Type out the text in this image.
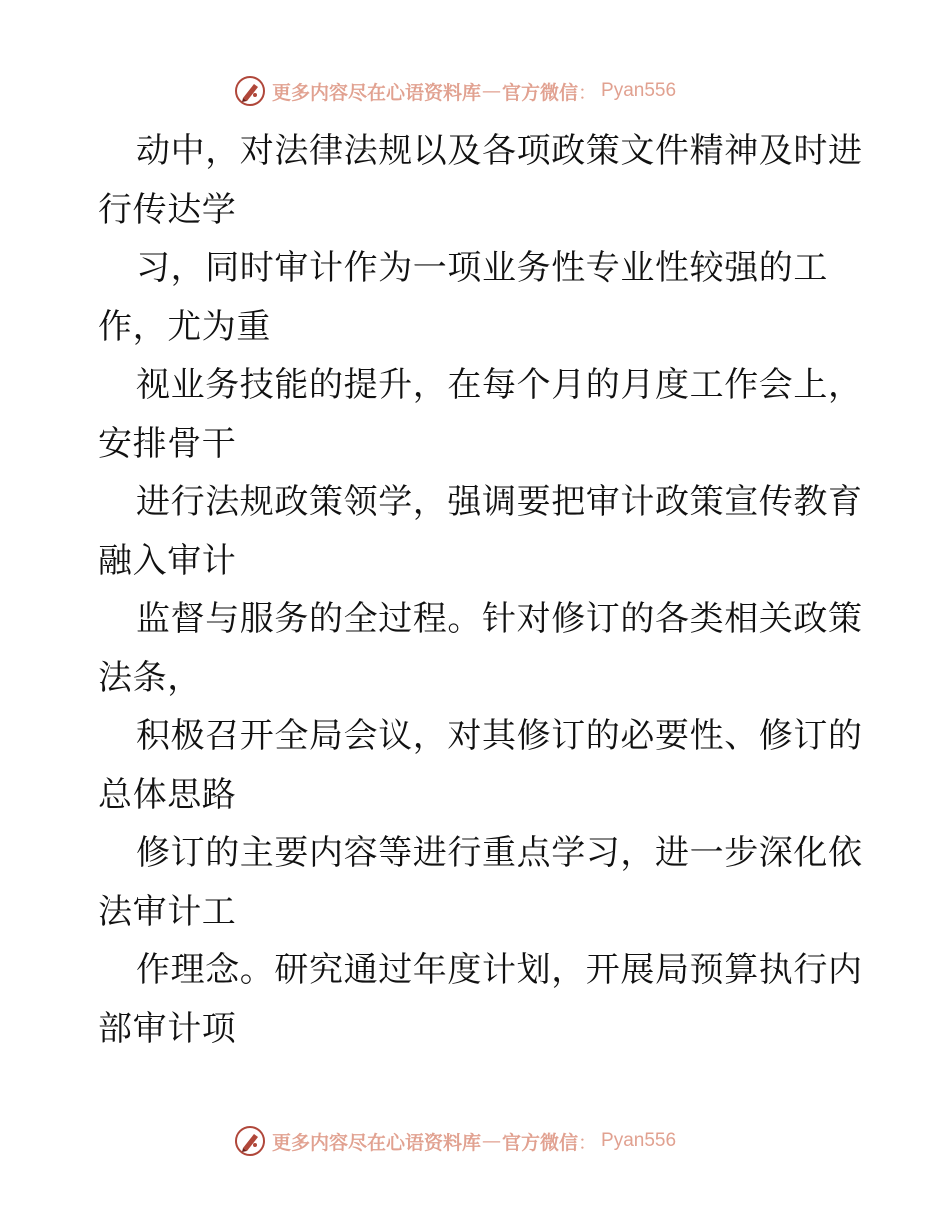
更多内容尽在心语资料库 — 官方微信 ： Pyan556
动中，对法律法规以及各项政策文件精神及时进
行传达学
习，同时审计作为一项业务性专业性较强的工
作，尤为重
视业务技能的提升，在每个月的月度工作会上，
安排骨干
进行法规政策领学，强调要把审计政策宣传教育
融入审计
监督与服务的全过程。针对修订的各类相关政策
法条，
积极召开全局会议，对其修订的必要性、修订的
总体思路
修订的主要内容等进行重点学习，进一步深化依
法审计工
作理念。研究通过年度计划，开展局预算执行内
部审计项
更多内容尽在心语资料库 — 官方微信 ： Pyan556
